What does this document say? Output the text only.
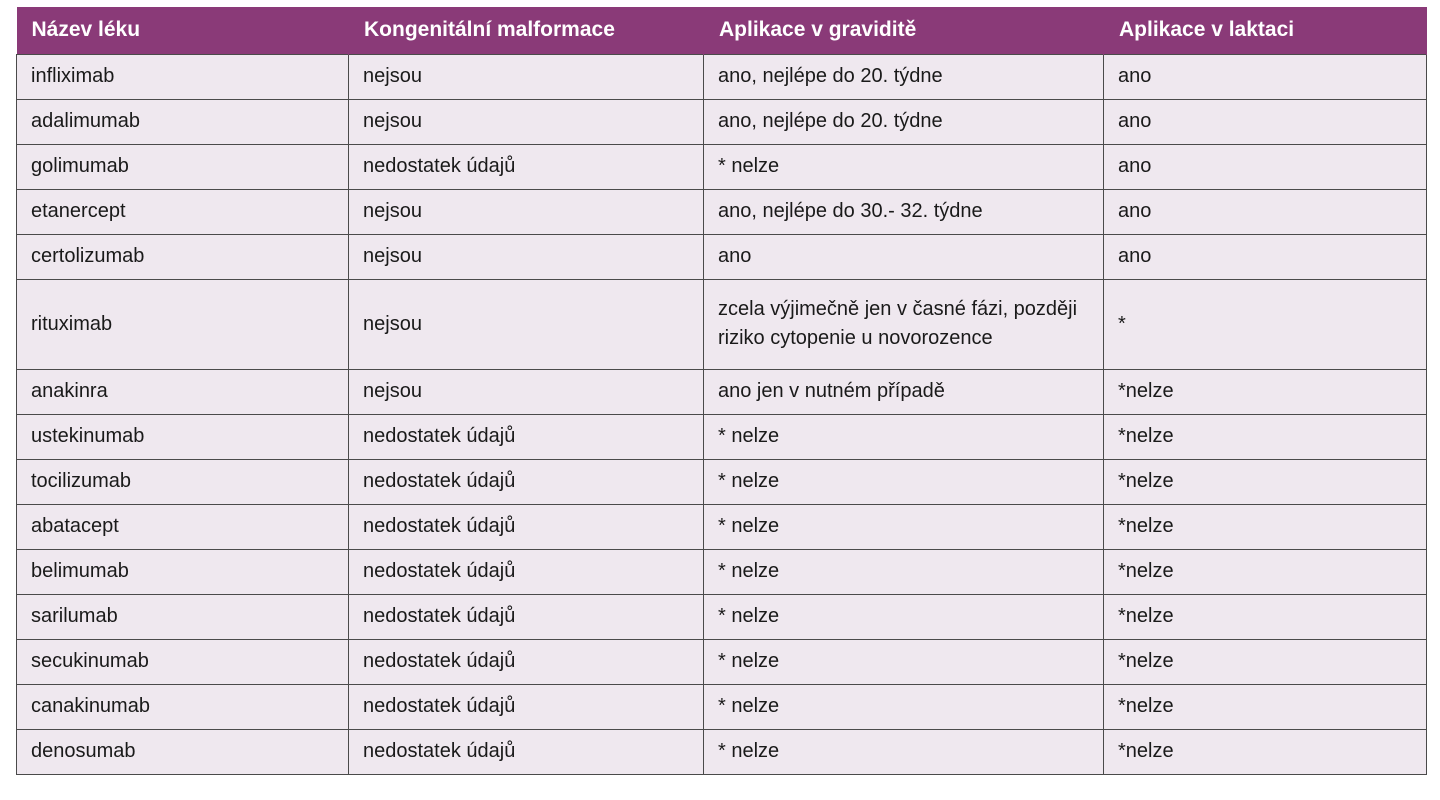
Název léku	Kongenitální malformace	Aplikace v graviditě	Aplikace v laktaci
infliximab	nejsou	ano, nejlépe do 20. týdne	ano
adalimumab	nejsou	ano, nejlépe do 20. týdne	ano
golimumab	nedostatek údajů	* nelze	ano
etanercept	nejsou	ano, nejlépe do 30.- 32. týdne	ano
certolizumab	nejsou	ano	ano
rituximab	nejsou	zcela výjimečně jen v časné fázi, později riziko cytopenie u novorozence	*
anakinra	nejsou	ano jen v nutném případě	*nelze
ustekinumab	nedostatek údajů	* nelze	*nelze
tocilizumab	nedostatek údajů	* nelze	*nelze
abatacept	nedostatek údajů	* nelze	*nelze
belimumab	nedostatek údajů	* nelze	*nelze
sarilumab	nedostatek údajů	* nelze	*nelze
secukinumab	nedostatek údajů	* nelze	*nelze
canakinumab	nedostatek údajů	* nelze	*nelze
denosumab	nedostatek údajů	* nelze	*nelze
